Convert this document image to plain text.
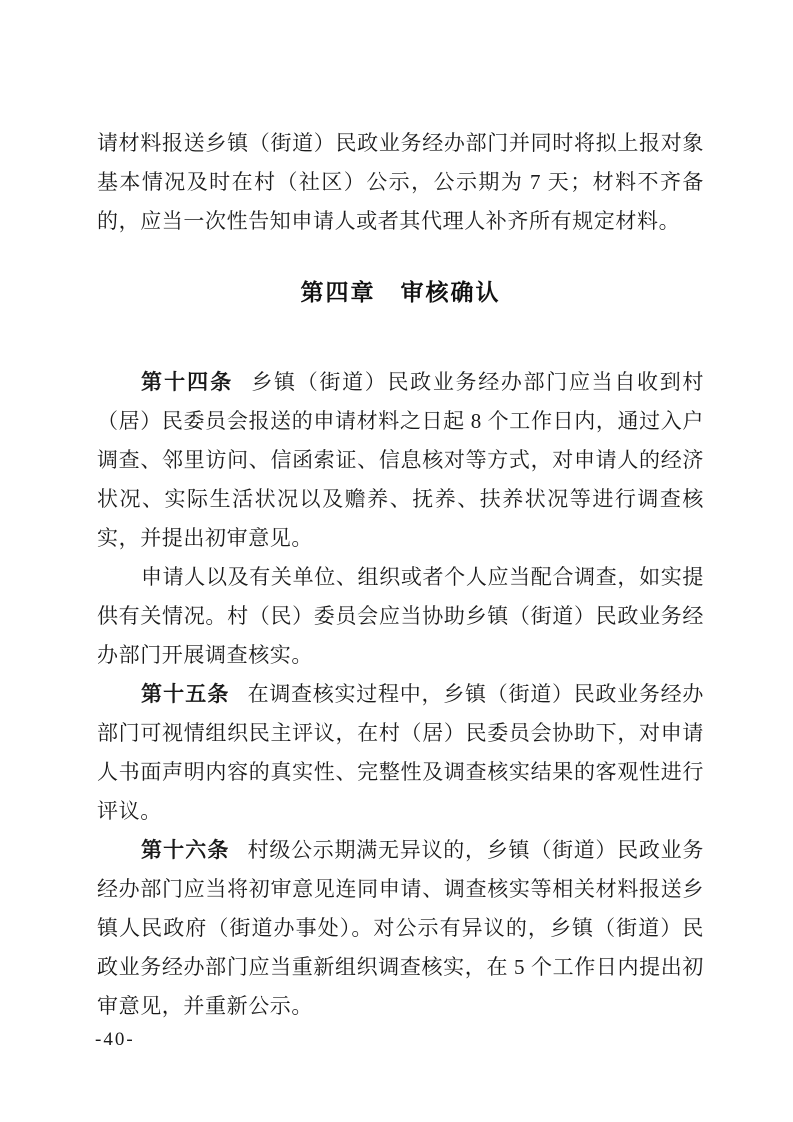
请材料报送乡镇（街道）民政业务经办部门并同时将拟上报对象基本情况及时在村（社区）公示，公示期为 7 天；材料不齐备的，应当一次性告知申请人或者其代理人补齐所有规定材料。

第四章　审核确认

第十四条 乡镇（街道）民政业务经办部门应当自收到村（居）民委员会报送的申请材料之日起 8 个工作日内，通过入户调查、邻里访问、信函索证、信息核对等方式，对申请人的经济状况、实际生活状况以及赡养、抚养、扶养状况等进行调查核实，并提出初审意见。

申请人以及有关单位、组织或者个人应当配合调查，如实提供有关情况。村（民）委员会应当协助乡镇（街道）民政业务经办部门开展调查核实。

第十五条 在调查核实过程中，乡镇（街道）民政业务经办部门可视情组织民主评议，在村（居）民委员会协助下，对申请人书面声明内容的真实性、完整性及调查核实结果的客观性进行评议。

第十六条 村级公示期满无异议的，乡镇（街道）民政业务经办部门应当将初审意见连同申请、调查核实等相关材料报送乡镇人民政府（街道办事处）。对公示有异议的，乡镇（街道）民政业务经办部门应当重新组织调查核实，在 5 个工作日内提出初审意见，并重新公示。

-40-
